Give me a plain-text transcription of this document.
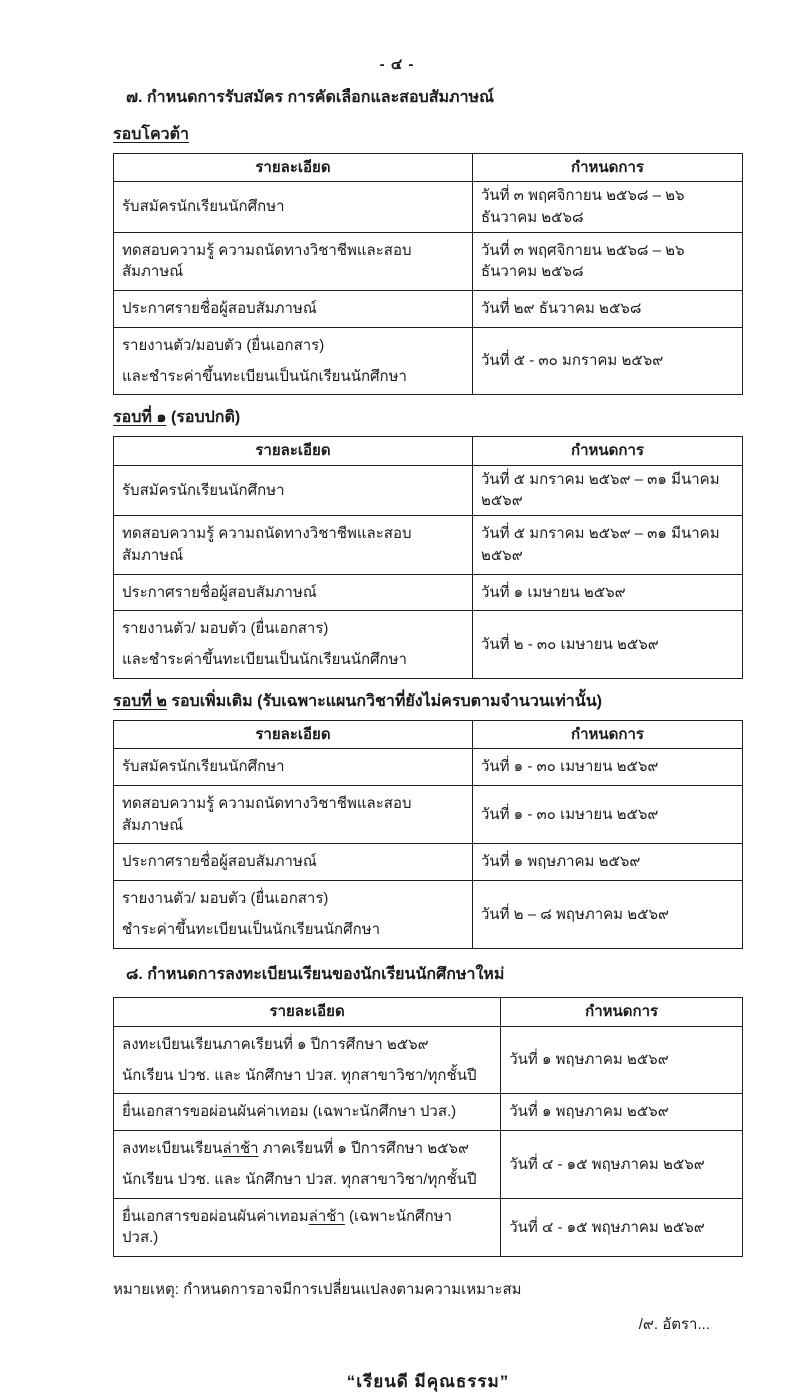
- ๔ -
๗. กำหนดการรับสมัคร การคัดเลือกและสอบสัมภาษณ์
รอบโควต้า
รายละเอียด	กำหนดการ

รับสมัครนักเรียนนักศึกษา	วันที่ ๓ พฤศจิกายน ๒๕๖๘ – ๒๖ ธันวาคม ๒๕๖๘

ทดสอบความรู้ ความถนัดทางวิชาชีพและสอบสัมภาษณ์	วันที่ ๓ พฤศจิกายน ๒๕๖๘ – ๒๖ ธันวาคม ๒๕๖๘

ประกาศรายชื่อผู้สอบสัมภาษณ์	วันที่ ๒๙ ธันวาคม ๒๕๖๘

รายงานตัว/มอบตัว (ยื่นเอกสาร)
และชำระค่าขึ้นทะเบียนเป็นนักเรียนนักศึกษา	วันที่ ๕ - ๓๐ มกราคม ๒๕๖๙
รอบที่ ๑ (รอบปกติ)
รายละเอียด	กำหนดการ

รับสมัครนักเรียนนักศึกษา	วันที่ ๕ มกราคม ๒๕๖๙ – ๓๑ มีนาคม ๒๕๖๙

ทดสอบความรู้ ความถนัดทางวิชาชีพและสอบสัมภาษณ์	วันที่ ๕ มกราคม ๒๕๖๙ – ๓๑ มีนาคม ๒๕๖๙

ประกาศรายชื่อผู้สอบสัมภาษณ์	วันที่ ๑ เมษายน ๒๕๖๙

รายงานตัว/ มอบตัว (ยื่นเอกสาร)
และชำระค่าขึ้นทะเบียนเป็นนักเรียนนักศึกษา	วันที่ ๒ - ๓๐ เมษายน ๒๕๖๙
รอบที่ ๒ รอบเพิ่มเติม (รับเฉพาะแผนกวิชาที่ยังไม่ครบตามจำนวนเท่านั้น)
รายละเอียด	กำหนดการ

รับสมัครนักเรียนนักศึกษา	วันที่ ๑ - ๓๐ เมษายน ๒๕๖๙

ทดสอบความรู้ ความถนัดทางวิชาชีพและสอบสัมภาษณ์	วันที่ ๑ - ๓๐ เมษายน ๒๕๖๙

ประกาศรายชื่อผู้สอบสัมภาษณ์	วันที่ ๑ พฤษภาคม ๒๕๖๙

รายงานตัว/ มอบตัว (ยื่นเอกสาร)
ชำระค่าขึ้นทะเบียนเป็นนักเรียนนักศึกษา	วันที่ ๒ – ๘ พฤษภาคม ๒๕๖๙
๘. กำหนดการลงทะเบียนเรียนของนักเรียนนักศึกษาใหม่
รายละเอียด	กำหนดการ

ลงทะเบียนเรียนภาคเรียนที่ ๑ ปีการศึกษา ๒๕๖๙
นักเรียน ปวช. และ นักศึกษา ปวส. ทุกสาขาวิชา/ทุกชั้นปี	วันที่ ๑ พฤษภาคม ๒๕๖๙

ยื่นเอกสารขอผ่อนผันค่าเทอม (เฉพาะนักศึกษา ปวส.)	วันที่ ๑ พฤษภาคม ๒๕๖๙

ลงทะเบียนเรียนล่าช้า ภาคเรียนที่ ๑ ปีการศึกษา ๒๕๖๙
นักเรียน ปวช. และ นักศึกษา ปวส. ทุกสาขาวิชา/ทุกชั้นปี	วันที่ ๔ - ๑๕ พฤษภาคม ๒๕๖๙

ยื่นเอกสารขอผ่อนผันค่าเทอมล่าช้า (เฉพาะนักศึกษา ปวส.)	วันที่ ๔ - ๑๕ พฤษภาคม ๒๕๖๙
หมายเหตุ: กำหนดการอาจมีการเปลี่ยนแปลงตามความเหมาะสม
/๙. อัตรา...
“เรียนดี มีคุณธรรม”
